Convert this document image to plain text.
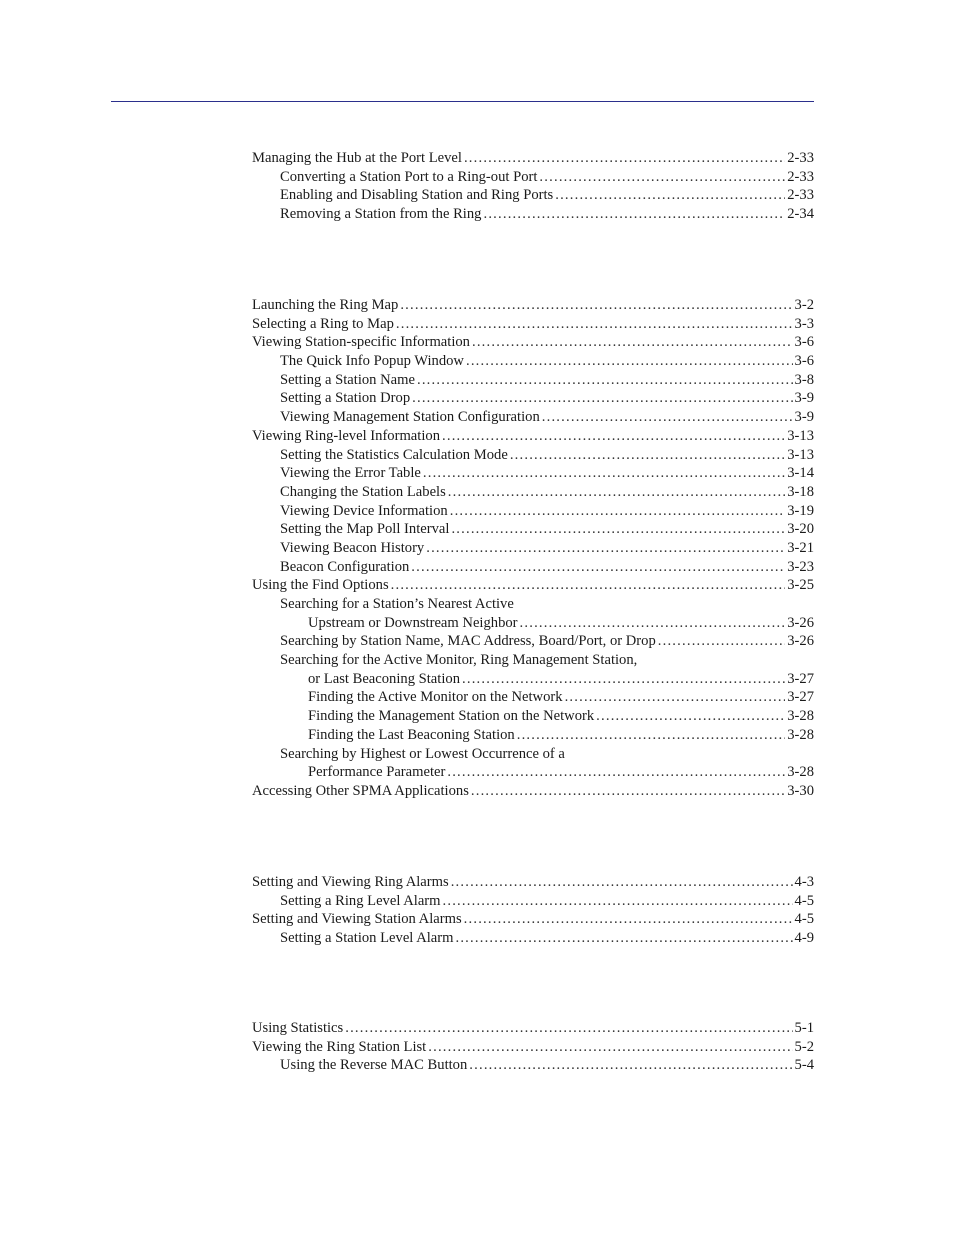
Managing the Hub at the Port Level .....	2-33
Converting a Station Port to a Ring-out Port .....	2-33
Enabling and Disabling Station and Ring Ports .....	2-33
Removing a Station from the Ring .....	2-34
Launching the Ring Map .....	3-2
Selecting a Ring to Map .....	3-3
Viewing Station-specific Information .....	3-6
The Quick Info Popup Window .....	3-6
Setting a Station Name .....	3-8
Setting a Station Drop .....	3-9
Viewing Management Station Configuration .....	3-9
Viewing Ring-level Information .....	3-13
Setting the Statistics Calculation Mode .....	3-13
Viewing the Error Table .....	3-14
Changing the Station Labels .....	3-18
Viewing Device Information .....	3-19
Setting the Map Poll Interval .....	3-20
Viewing Beacon History .....	3-21
Beacon Configuration .....	3-23
Using the Find Options .....	3-25
Searching for a Station’s Nearest Active
Upstream or Downstream Neighbor .....	3-26
Searching by Station Name, MAC Address, Board/Port, or Drop .....	3-26
Searching for the Active Monitor, Ring Management Station,
or Last Beaconing Station .....	3-27
Finding the Active Monitor on the Network .....	3-27
Finding the Management Station on the Network .....	3-28
Finding the Last Beaconing Station .....	3-28
Searching by Highest or Lowest Occurrence of a
Performance Parameter .....	3-28
Accessing Other SPMA Applications .....	3-30
Setting and Viewing Ring Alarms .....	4-3
Setting a Ring Level Alarm .....	4-5
Setting and Viewing Station Alarms .....	4-5
Setting a Station Level Alarm .....	4-9
Using Statistics .....	5-1
Viewing the Ring Station List .....	5-2
Using the Reverse MAC Button .....	5-4
